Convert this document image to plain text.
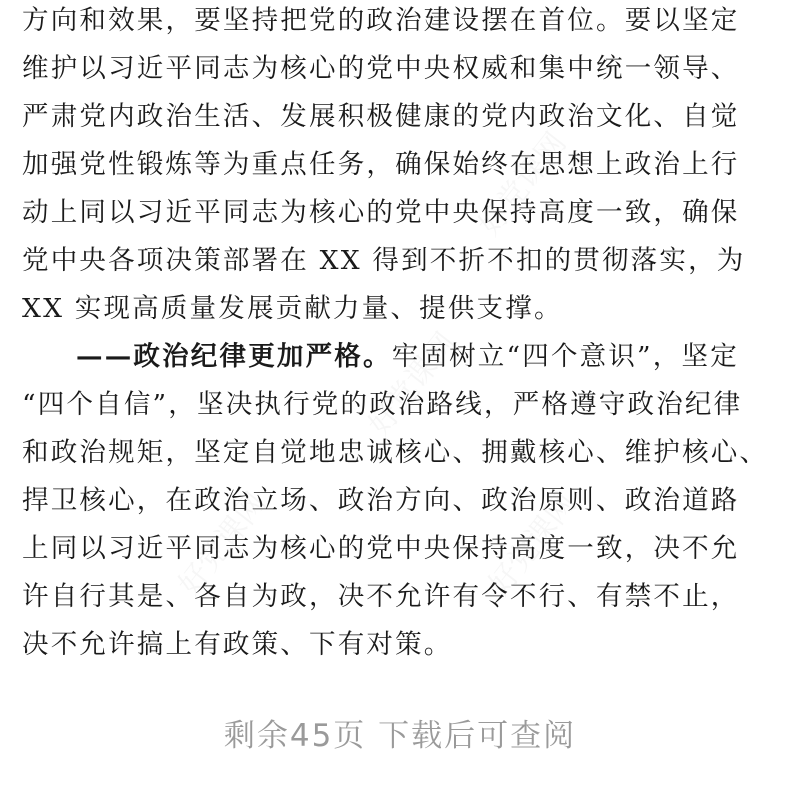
方向和效果，要坚持把党的政治建设摆在首位。要以坚定
维护以习近平同志为核心的党中央权威和集中统一领导、
严肃党内政治生活、发展积极健康的党内政治文化、自觉
加强党性锻炼等为重点任务，确保始终在思想上政治上行
动上同以习近平同志为核心的党中央保持高度一致，确保
党中央各项决策部署在 XX 得到不折不扣的贯彻落实，为
XX 实现高质量发展贡献力量、提供支撑。
——政治纪律更加严格。牢固树立“四个意识”，坚定
“四个自信”，坚决执行党的政治路线，严格遵守政治纪律
和政治规矩，坚定自觉地忠诚核心、拥戴核心、维护核心、
捍卫核心，在政治立场、政治方向、政治原则、政治道路
上同以习近平同志为核心的党中央保持高度一致，决不允
许自行其是、各自为政，决不允许有令不行、有禁不止，
决不允许搞上有政策、下有对策。
好党课网
好党课网
好党课网	好党课网
剩余45页 下载后可查阅
